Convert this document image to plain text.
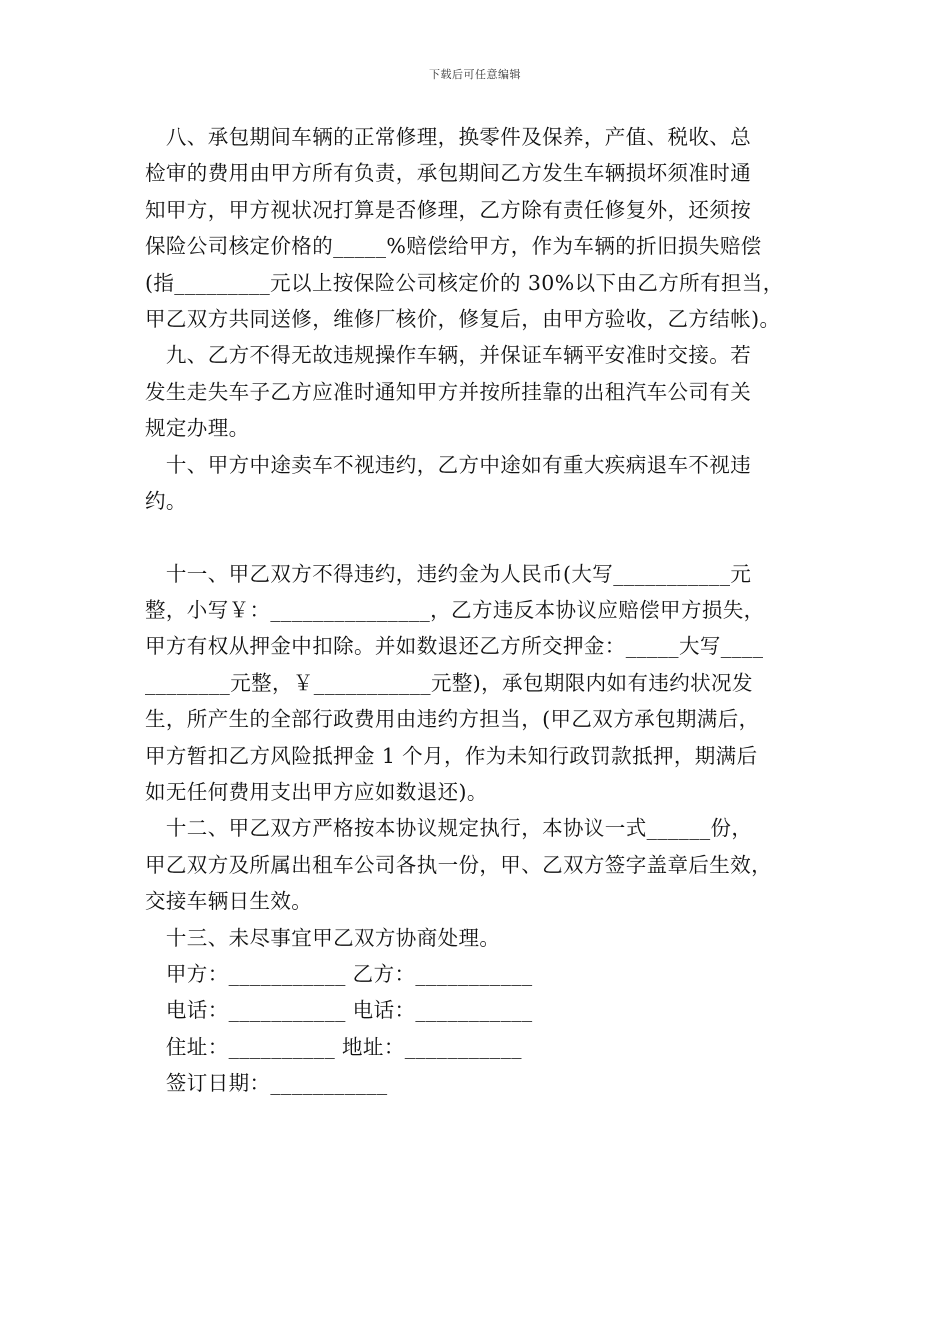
下载后可任意编辑
　八、承包期间车辆的正常修理，换零件及保养，产值、税收、总
检审的费用由甲方所有负责，承包期间乙方发生车辆损坏须准时通
知甲方，甲方视状况打算是否修理，乙方除有责任修复外，还须按
保险公司核定价格的_____%赔偿给甲方，作为车辆的折旧损失赔偿
(指_________元以上按保险公司核定价的 30%以下由乙方所有担当，
甲乙双方共同送修，维修厂核价，修复后，由甲方验收，乙方结帐)。
　九、乙方不得无故违规操作车辆，并保证车辆平安准时交接。若
发生走失车子乙方应准时通知甲方并按所挂靠的出租汽车公司有关
规定办理。
　十、甲方中途卖车不视违约，乙方中途如有重大疾病退车不视违
约。
　十一、甲乙双方不得违约，违约金为人民币(大写___________元
整，小写￥：_______________，乙方违反本协议应赔偿甲方损失，
甲方有权从押金中扣除。并如数退还乙方所交押金：_____大写____
________元整，￥___________元整)，承包期限内如有违约状况发
生，所产生的全部行政费用由违约方担当，(甲乙双方承包期满后，
甲方暂扣乙方风险抵押金 1 个月，作为未知行政罚款抵押，期满后
如无任何费用支出甲方应如数退还)。
　十二、甲乙双方严格按本协议规定执行，本协议一式______份，
甲乙双方及所属出租车公司各执一份，甲、乙双方签字盖章后生效，
交接车辆日生效。
　十三、未尽事宜甲乙双方协商处理。
　甲方：___________ 乙方：___________
　电话：___________ 电话：___________
　住址：__________ 地址：___________
　签订日期：___________
